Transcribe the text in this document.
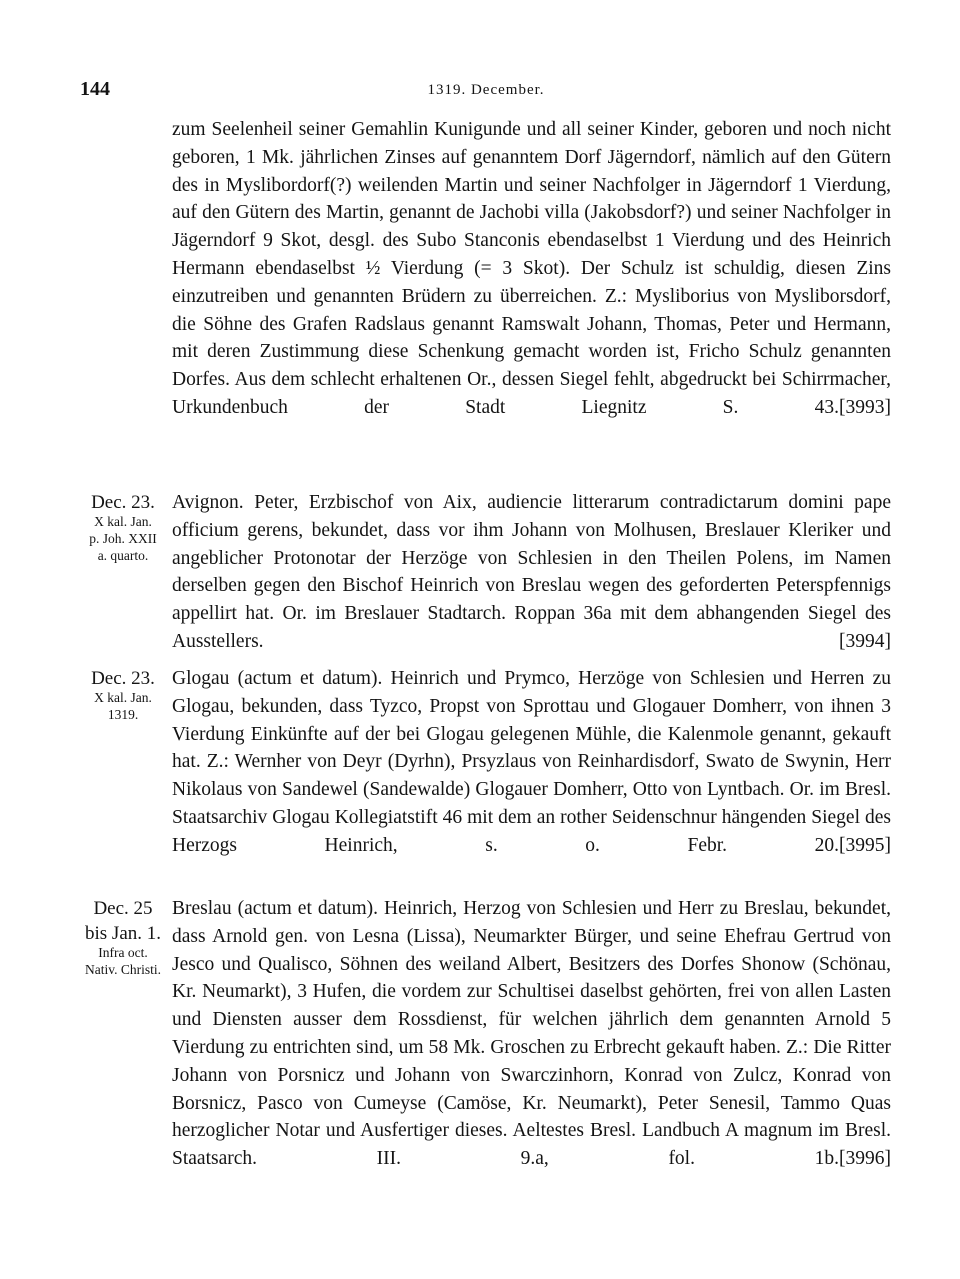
144	1319. December.

zum Seelenheil seiner Gemahlin Kunigunde und all seiner Kinder, geboren und noch nicht geboren, 1 Mk. jährlichen Zinses auf genanntem Dorf Jägerndorf, nämlich auf den Gütern des in Myslibordorf(?) weilenden Martin und seiner Nachfolger in Jägerndorf 1 Vierdung, auf den Gütern des Martin, genannt de Jachobi villa (Jakobsdorf?) und seiner Nachfolger in Jägerndorf 9 Skot, desgl. des Subo Stanconis ebendaselbst 1 Vierdung und des Heinrich Hermann ebendaselbst ½ Vierdung (= 3 Skot). Der Schulz ist schuldig, diesen Zins einzutreiben und genannten Brüdern zu überreichen. Z.: Mysliborius von Mysliborsdorf, die Söhne des Grafen Radslaus genannt Ramswalt Johann, Thomas, Peter und Hermann, mit deren Zustimmung diese Schenkung gemacht worden ist, Fricho Schulz genannten Dorfes. Aus dem schlecht erhaltenen Or., dessen Siegel fehlt, abgedruckt bei Schirrmacher, Urkundenbuch der Stadt Liegnitz S. 43. [3993]

Dec. 23.
X kal. Jan.
p. Joh. XXII
a. quarto.

Avignon. Peter, Erzbischof von Aix, audiencie litterarum contradictarum domini pape officium gerens, bekundet, dass vor ihm Johann von Molhusen, Breslauer Kleriker und angeblicher Protonotar der Herzöge von Schlesien in den Theilen Polens, im Namen derselben gegen den Bischof Heinrich von Breslau wegen des geforderten Peterspfennigs appellirt hat. Or. im Breslauer Stadtarch. Roppan 36a mit dem abhangenden Siegel des Ausstellers.	[3994]

Dec. 23.
X kal. Jan.
1319.

Glogau (actum et datum). Heinrich und Prymco, Herzöge von Schlesien und Herren zu Glogau, bekunden, dass Tyzco, Propst von Sprottau und Glogauer Domherr, von ihnen 3 Vierdung Einkünfte auf der bei Glogau gelegenen Mühle, die Kalenmole genannt, gekauft hat. Z.: Wernher von Deyr (Dyrhn), Prsyzlaus von Reinhardisdorf, Swato de Swynin, Herr Nikolaus von Sandewel (Sandewalde) Glogauer Domherr, Otto von Lyntbach. Or. im Bresl. Staatsarchiv Glogau Kollegiatstift 46 mit dem an rother Seidenschnur hängenden Siegel des Herzogs Heinrich, s. o. Febr. 20. [3995]

Dec. 25
bis Jan. 1.
Infra oct.
Nativ. Christi.

Breslau (actum et datum). Heinrich, Herzog von Schlesien und Herr zu Breslau, bekundet, dass Arnold gen. von Lesna (Lissa), Neumarkter Bürger, und seine Ehefrau Gertrud von Jesco und Qualisco, Söhnen des weiland Albert, Besitzers des Dorfes Shonow (Schönau, Kr. Neumarkt), 3 Hufen, die vordem zur Schultisei daselbst gehörten, frei von allen Lasten und Diensten ausser dem Rossdienst, für welchen jährlich dem genannten Arnold 5 Vierdung zu entrichten sind, um 58 Mk. Groschen zu Erbrecht gekauft haben. Z.: Die Ritter Johann von Porsnicz und Johann von Swarczinhorn, Konrad von Zulcz, Konrad von Borsnicz, Pasco von Cumeyse (Camöse, Kr. Neumarkt), Peter Senesil, Tammo Quas herzoglicher Notar und Ausfertiger dieses. Aeltestes Bresl. Landbuch A magnum im Bresl. Staatsarch. III. 9.a, fol. 1b. [3996]
